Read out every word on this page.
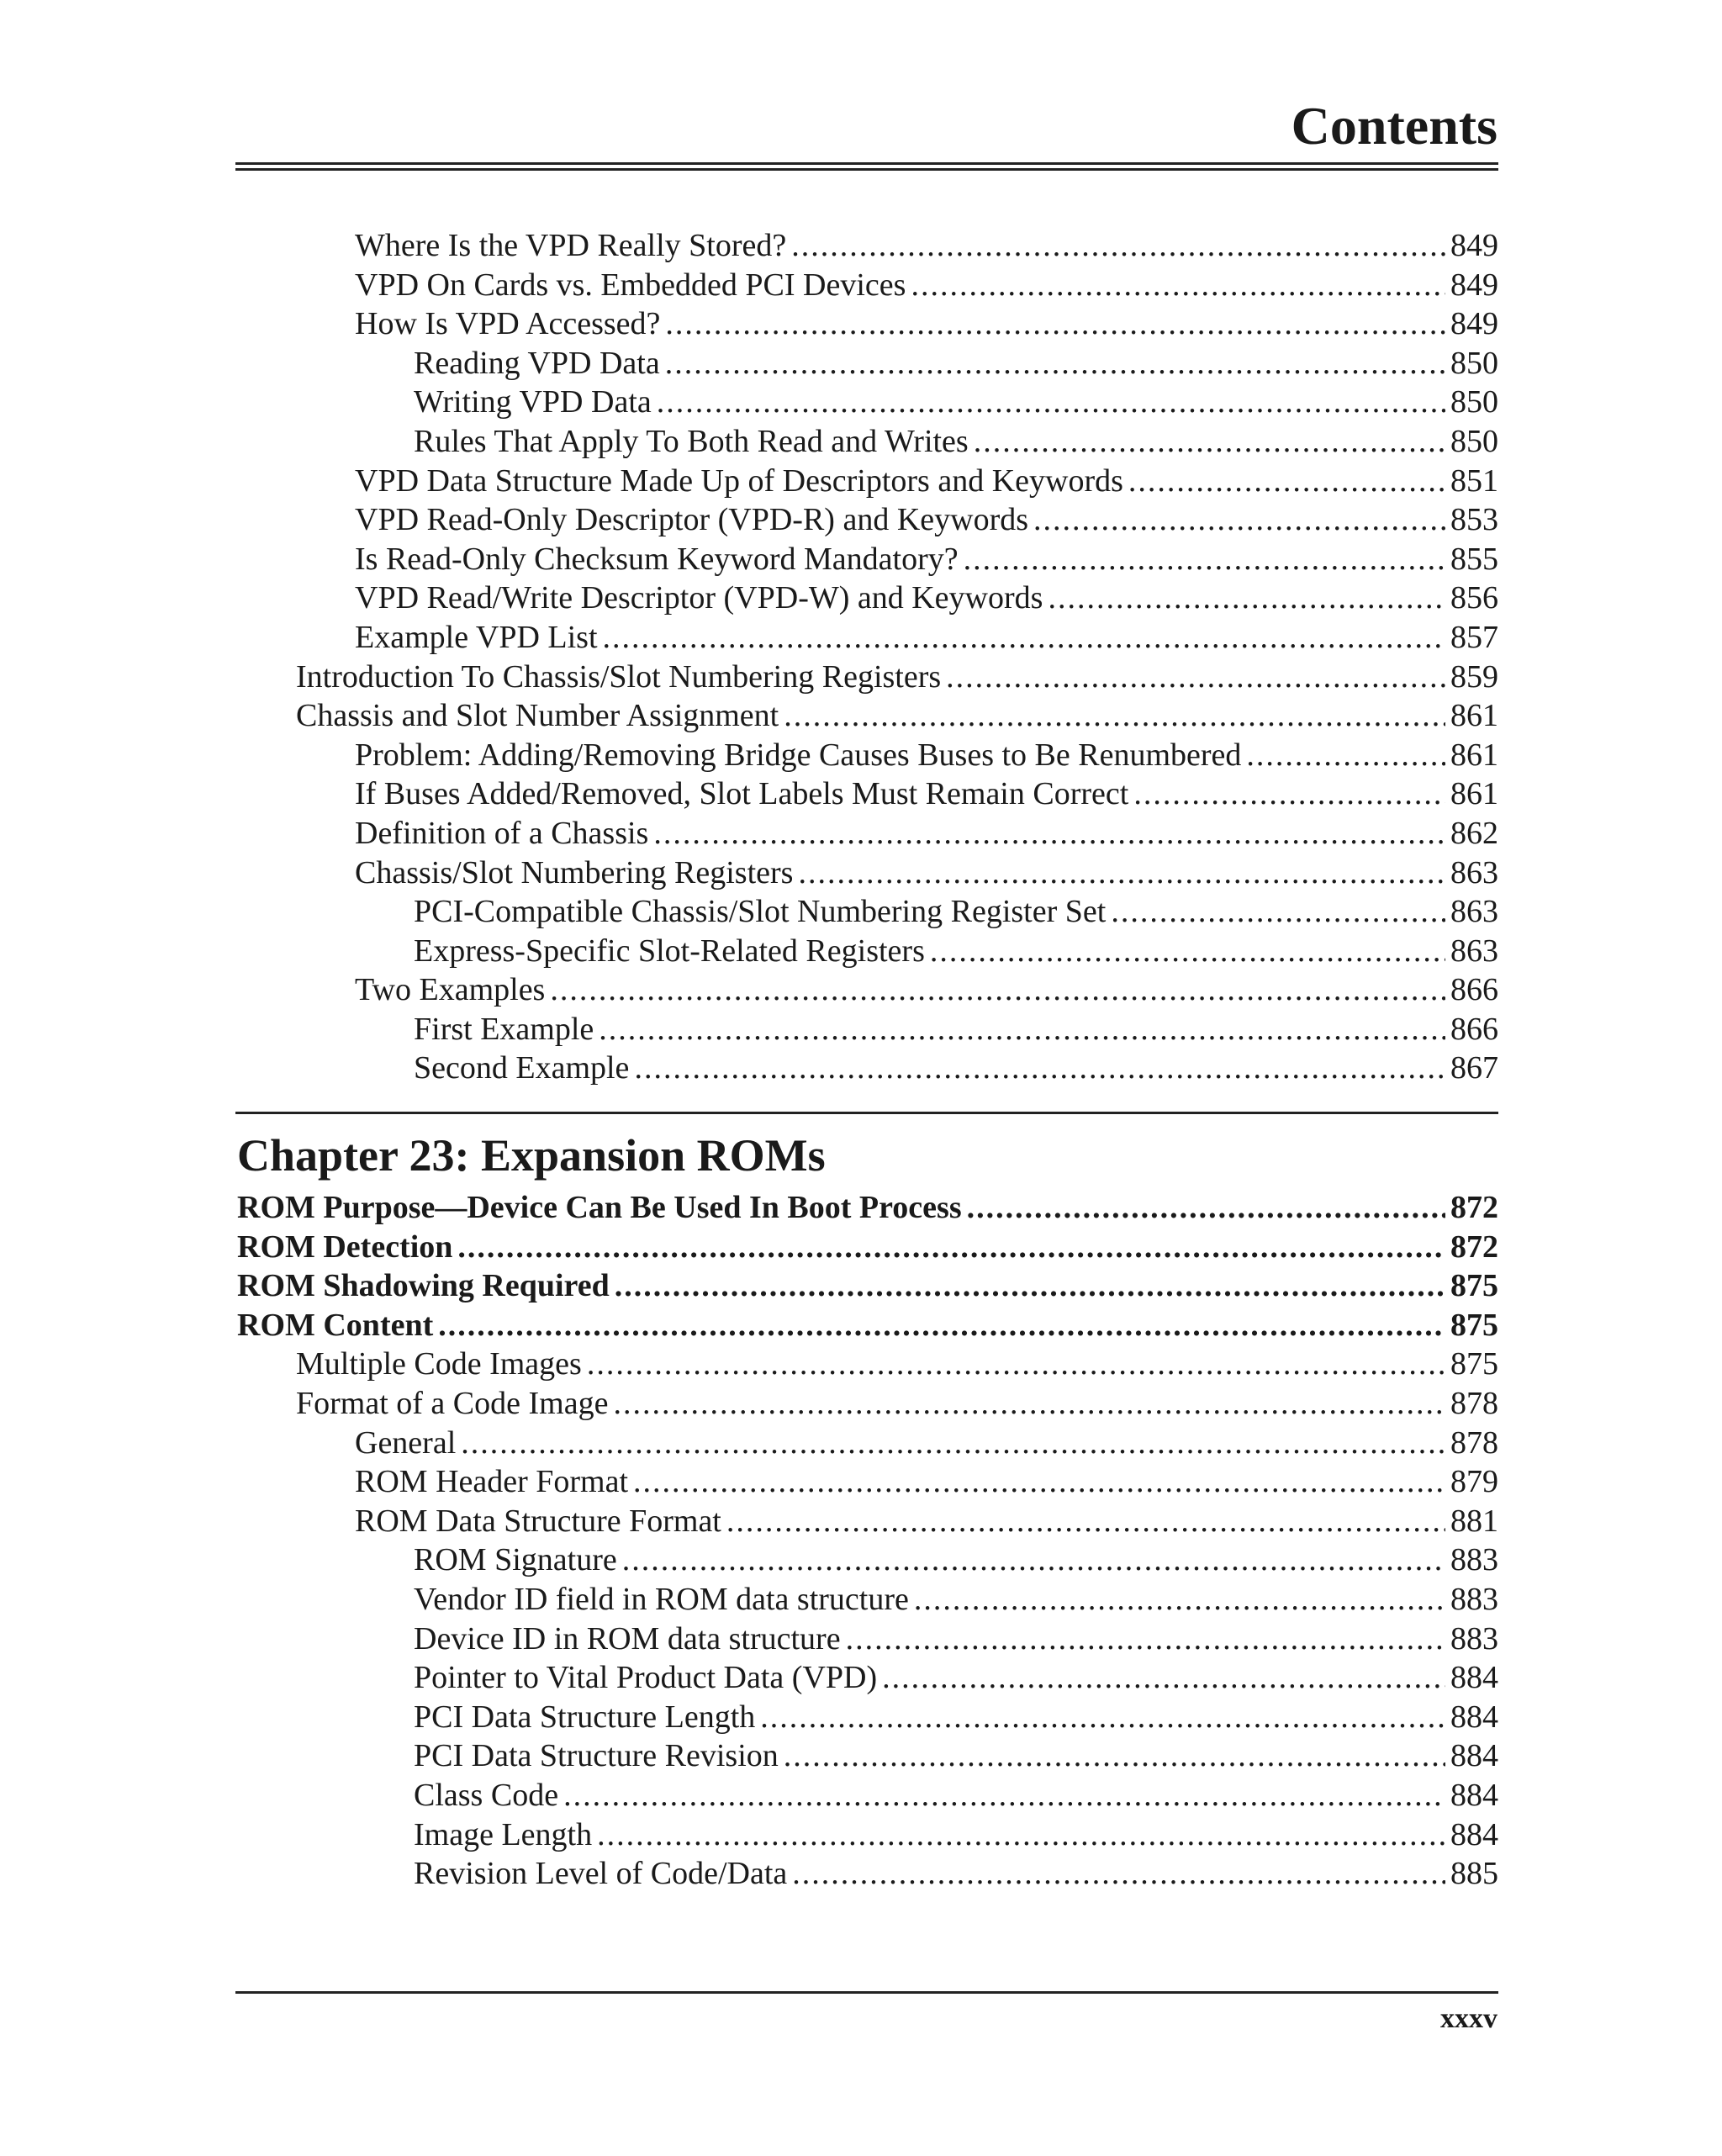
Contents
Where Is the VPD Really Stored? .....	849
VPD On Cards vs. Embedded PCI Devices .....	849
How Is VPD Accessed? .....	849
Reading VPD Data .....	850
Writing VPD Data .....	850
Rules That Apply To Both Read and Writes .....	850
VPD Data Structure Made Up of Descriptors and Keywords .....	851
VPD Read-Only Descriptor (VPD-R) and Keywords .....	853
Is Read-Only Checksum Keyword Mandatory? .....	855
VPD Read/Write Descriptor (VPD-W) and Keywords .....	856
Example VPD List .....	857
Introduction To Chassis/Slot Numbering Registers .....	859
Chassis and Slot Number Assignment .....	861
Problem: Adding/Removing Bridge Causes Buses to Be Renumbered .....	861
If Buses Added/Removed, Slot Labels Must Remain Correct .....	861
Definition of a Chassis .....	862
Chassis/Slot Numbering Registers .....	863
PCI-Compatible Chassis/Slot Numbering Register Set .....	863
Express-Specific Slot-Related Registers .....	863
Two Examples .....	866
First Example .....	866
Second Example .....	867
Chapter 23: Expansion ROMs
ROM Purpose—Device Can Be Used In Boot Process .....	872
ROM Detection .....	872
ROM Shadowing Required .....	875
ROM Content .....	875
Multiple Code Images .....	875
Format of a Code Image .....	878
General .....	878
ROM Header Format .....	879
ROM Data Structure Format .....	881
ROM Signature .....	883
Vendor ID field in ROM data structure .....	883
Device ID in ROM data structure .....	883
Pointer to Vital Product Data (VPD) .....	884
PCI Data Structure Length .....	884
PCI Data Structure Revision .....	884
Class Code .....	884
Image Length .....	884
Revision Level of Code/Data .....	885
xxxv
